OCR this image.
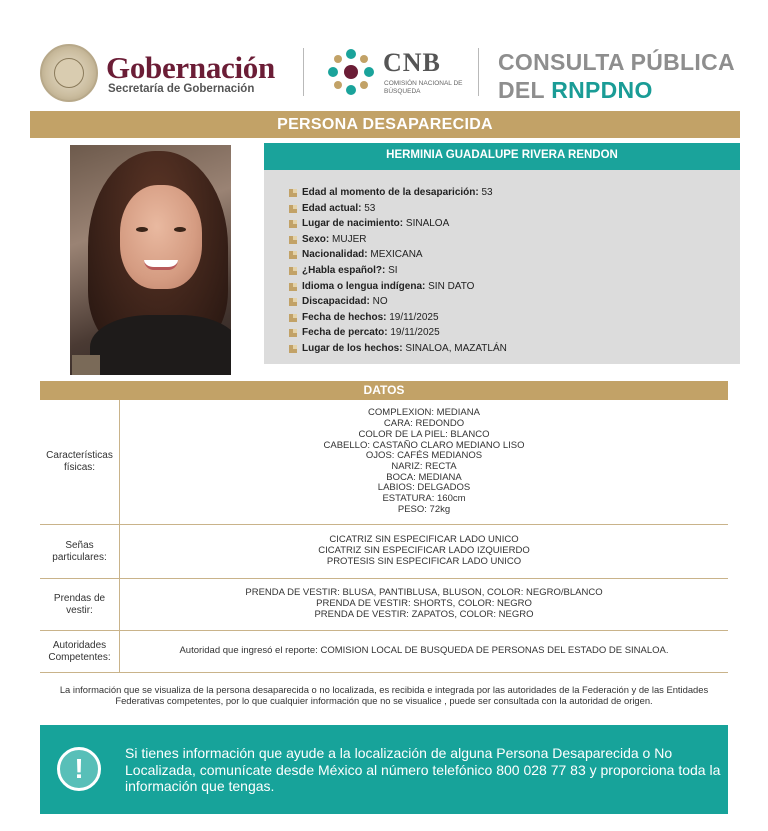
Gobernación
Secretaría de Gobernación
CNB
COMISIÓN NACIONAL DE BÚSQUEDA
CONSULTA PÚBLICA
DEL RNPDNO
PERSONA DESAPARECIDA
HERMINIA GUADALUPE RIVERA RENDON
Edad al momento de la desaparición: 53
Edad actual: 53
Lugar de nacimiento: SINALOA
Sexo: MUJER
Nacionalidad: MEXICANA
¿Habla español?: SI
Idioma o lengua indígena: SIN DATO
Discapacidad: NO
Fecha de hechos: 19/11/2025
Fecha de percato: 19/11/2025
Lugar de los hechos: SINALOA, MAZATLÁN
DATOS
Características físicas:
COMPLEXION: MEDIANA
CARA: REDONDO
COLOR DE LA PIEL: BLANCO
CABELLO: CASTAÑO CLARO MEDIANO LISO
OJOS: CAFÉS MEDIANOS
NARIZ: RECTA
BOCA: MEDIANA
LABIOS: DELGADOS
ESTATURA: 160cm
PESO: 72kg
Señas particulares:
CICATRIZ SIN ESPECIFICAR LADO UNICO
CICATRIZ SIN ESPECIFICAR LADO IZQUIERDO
PROTESIS SIN ESPECIFICAR LADO UNICO
Prendas de vestir:
PRENDA DE VESTIR: BLUSA, PANTIBLUSA, BLUSON, COLOR: NEGRO/BLANCO
PRENDA DE VESTIR: SHORTS, COLOR: NEGRO
PRENDA DE VESTIR: ZAPATOS, COLOR: NEGRO
Autoridades Competentes:
Autoridad que ingresó el reporte: COMISION LOCAL DE BUSQUEDA DE PERSONAS DEL ESTADO DE SINALOA.
La información que se visualiza de la persona desaparecida o no localizada, es recibida e integrada por las autoridades de la Federación y de las Entidades Federativas competentes, por lo que cualquier información que no se visualice , puede ser consultada con la autoridad de origen.
!	Si tienes información que ayude a la localización de alguna Persona Desaparecida o No Localizada, comunícate desde México al número telefónico 800 028 77 83 y proporciona toda la información que tengas.
